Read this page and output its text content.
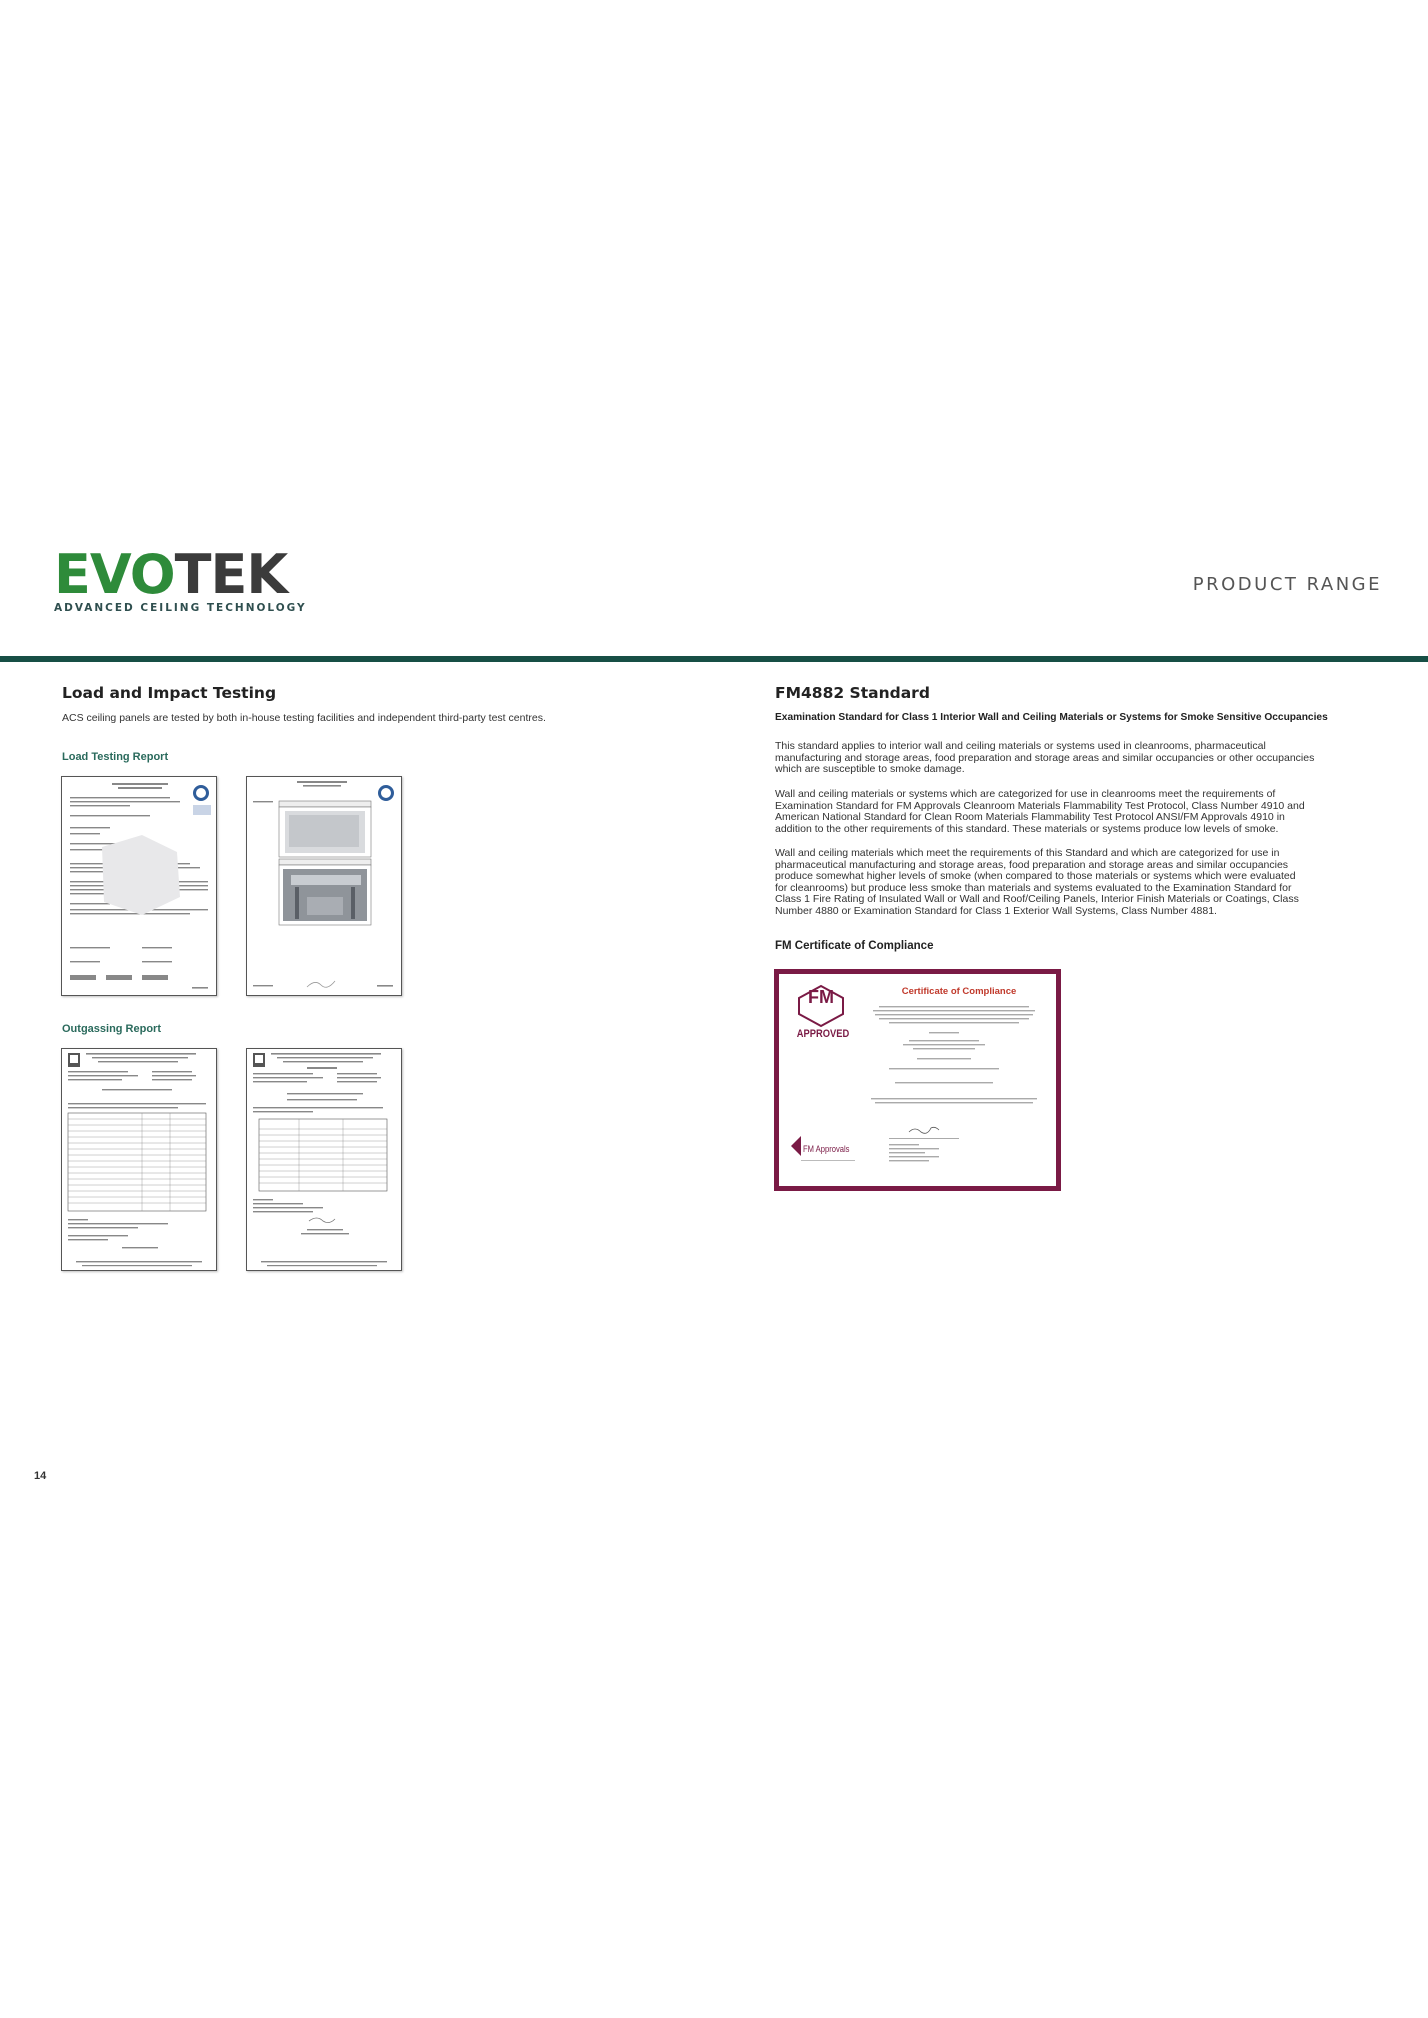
EVOTEK
ADVANCED CEILING TECHNOLOGY
PRODUCT RANGE
Load and Impact Testing
ACS ceiling panels are tested by both in-house testing facilities and independent third-party test centres.
Load Testing Report
Outgassing Report
FM4882 Standard
Examination Standard for Class 1 Interior Wall and Ceiling Materials or Systems for Smoke Sensitive Occupancies
This standard applies to interior wall and ceiling materials or systems used in cleanrooms, pharmaceutical
manufacturing and storage areas, food preparation and storage areas and similar occupancies or other occupancies
which are susceptible to smoke damage.
Wall and ceiling materials or systems which are categorized for use in cleanrooms meet the requirements of
Examination Standard for FM Approvals Cleanroom Materials Flammability Test Protocol, Class Number 4910 and
American National Standard for Clean Room Materials Flammability Test Protocol ANSI/FM Approvals 4910 in
addition to the other requirements of this standard. These materials or systems produce low levels of smoke.
Wall and ceiling materials which meet the requirements of this Standard and which are categorized for use in
pharmaceutical manufacturing and storage areas, food preparation and storage areas and similar occupancies
produce somewhat higher levels of smoke (when compared to those materials or systems which were evaluated
for cleanrooms) but produce less smoke than materials and systems evaluated to the Examination Standard for
Class 1 Fire Rating of Insulated Wall or Wall and Roof/Ceiling Panels, Interior Finish Materials or Coatings, Class
Number 4880 or Examination Standard for Class 1 Exterior Wall Systems, Class Number 4881.
FM Certificate of Compliance
FM
APPROVED
Certificate of Compliance
FM Approvals
14
